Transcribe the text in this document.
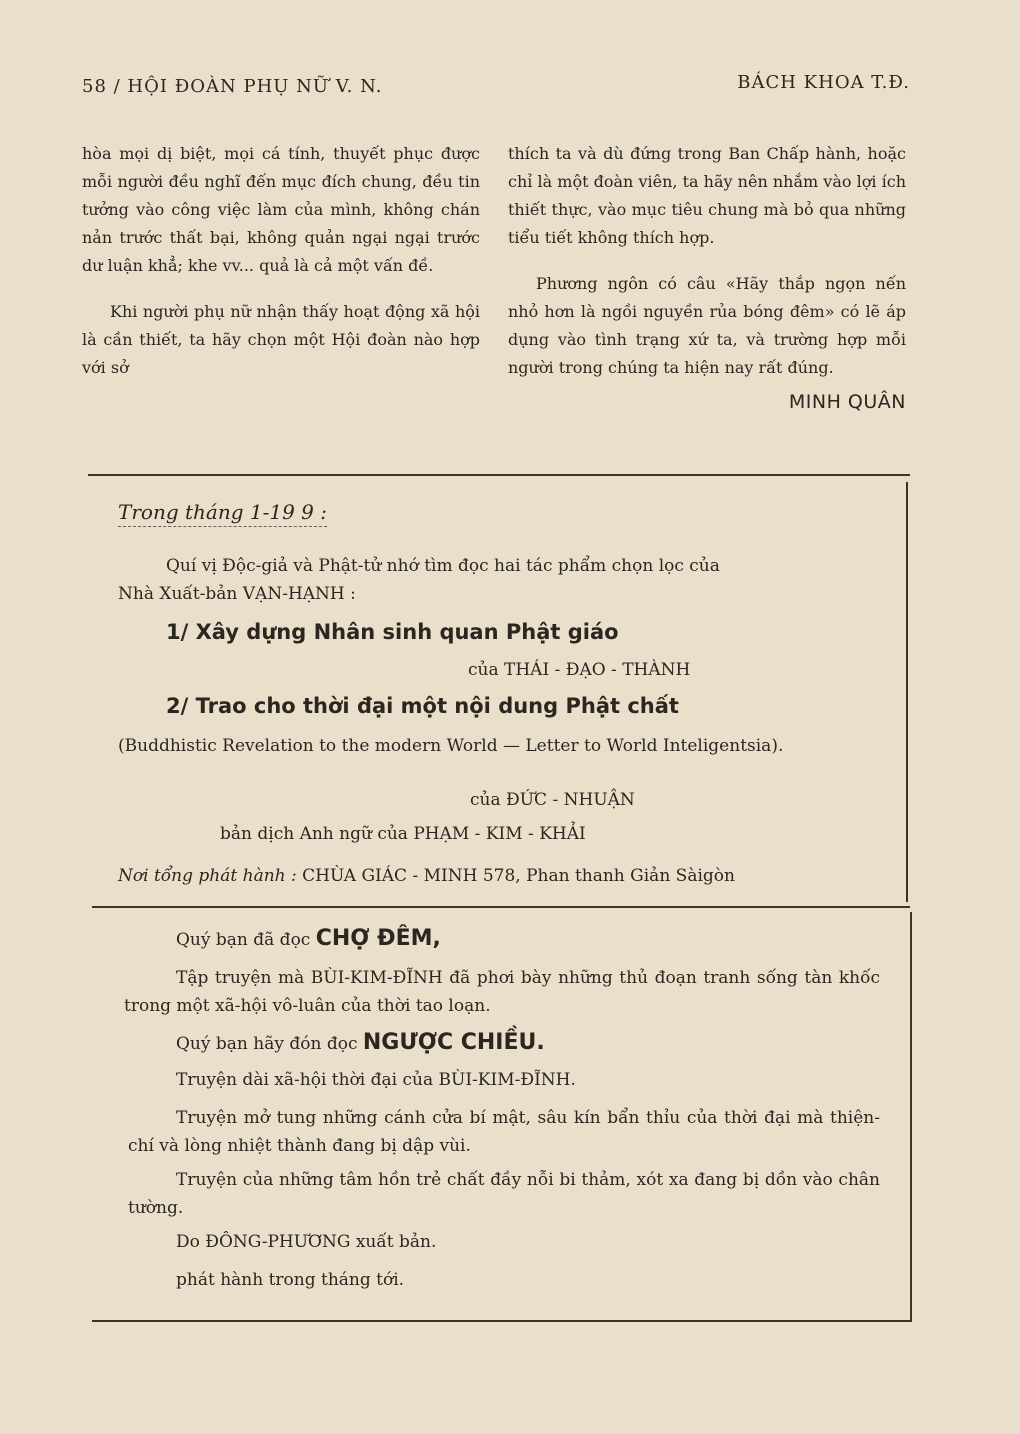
58 / HỘI ĐOÀN PHỤ NỮ V. N.	BÁCH KHOA T.Đ.

hòa mọi dị biệt, mọi cá tính, thuyết phục được mỗi người đều nghĩ đến mục đích chung, đều tin tưởng vào công việc làm của mình, không chán nản trước thất bại, không quản ngại ngại trước dư luận khẳ; khe vv... quả là cả một vấn đề.

Khi người phụ nữ nhận thấy hoạt động xã hội là cần thiết, ta hãy chọn một Hội đoàn nào hợp với sở

thích ta và dù đứng trong Ban Chấp hành, hoặc chỉ là một đoàn viên, ta hãy nên nhắm vào lợi ích thiết thực, vào mục tiêu chung mà bỏ qua những tiểu tiết không thích hợp.

Phương ngôn có câu «Hãy thắp ngọn nến nhỏ hơn là ngồi nguyền rủa bóng đêm» có lẽ áp dụng vào tình trạng xứ ta, và trường hợp mỗi người trong chúng ta hiện nay rất đúng.

MINH QUÂN
Trong tháng 1-19 9 :
Quí vị Độc-giả và Phật-tử nhớ tìm đọc hai tác phẩm chọn lọc của
Nhà Xuất-bản VẠN-HẠNH :
1/ Xây dựng Nhân sinh quan Phật giáo
của THÁI - ĐẠO - THÀNH
2/ Trao cho thời đại một nội dung Phật chất
(Buddhistic Revelation to the modern World — Letter to World Inteligentsia).
của ĐỨC - NHUẬN
bản dịch Anh ngữ của PHẠM - KIM - KHẢI
Nơi tổng phát hành : CHÙA GIÁC - MINH 578, Phan thanh Giản Sàigòn
Quý bạn đã đọc CHỢ ĐÊM,
Tập truyện mà BÙI-KIM-ĐĨNH đã phơi bày những thủ đoạn tranh sống tàn khốc trong một xã-hội vô-luân của thời tao loạn.
Quý bạn hãy đón đọc NGƯỢC CHIỀU.
Truyện dài xã-hội thời đại của BÙI-KIM-ĐĨNH.
Truyện mở tung những cánh cửa bí mật, sâu kín bẩn thỉu của thời đại mà thiện-chí và lòng nhiệt thành đang bị dập vùi.
Truyện của những tâm hồn trẻ chất đầy nỗi bi thảm, xót xa đang bị dồn vào chân tường.
Do ĐÔNG-PHƯƠNG xuất bản.
phát hành trong tháng tới.
